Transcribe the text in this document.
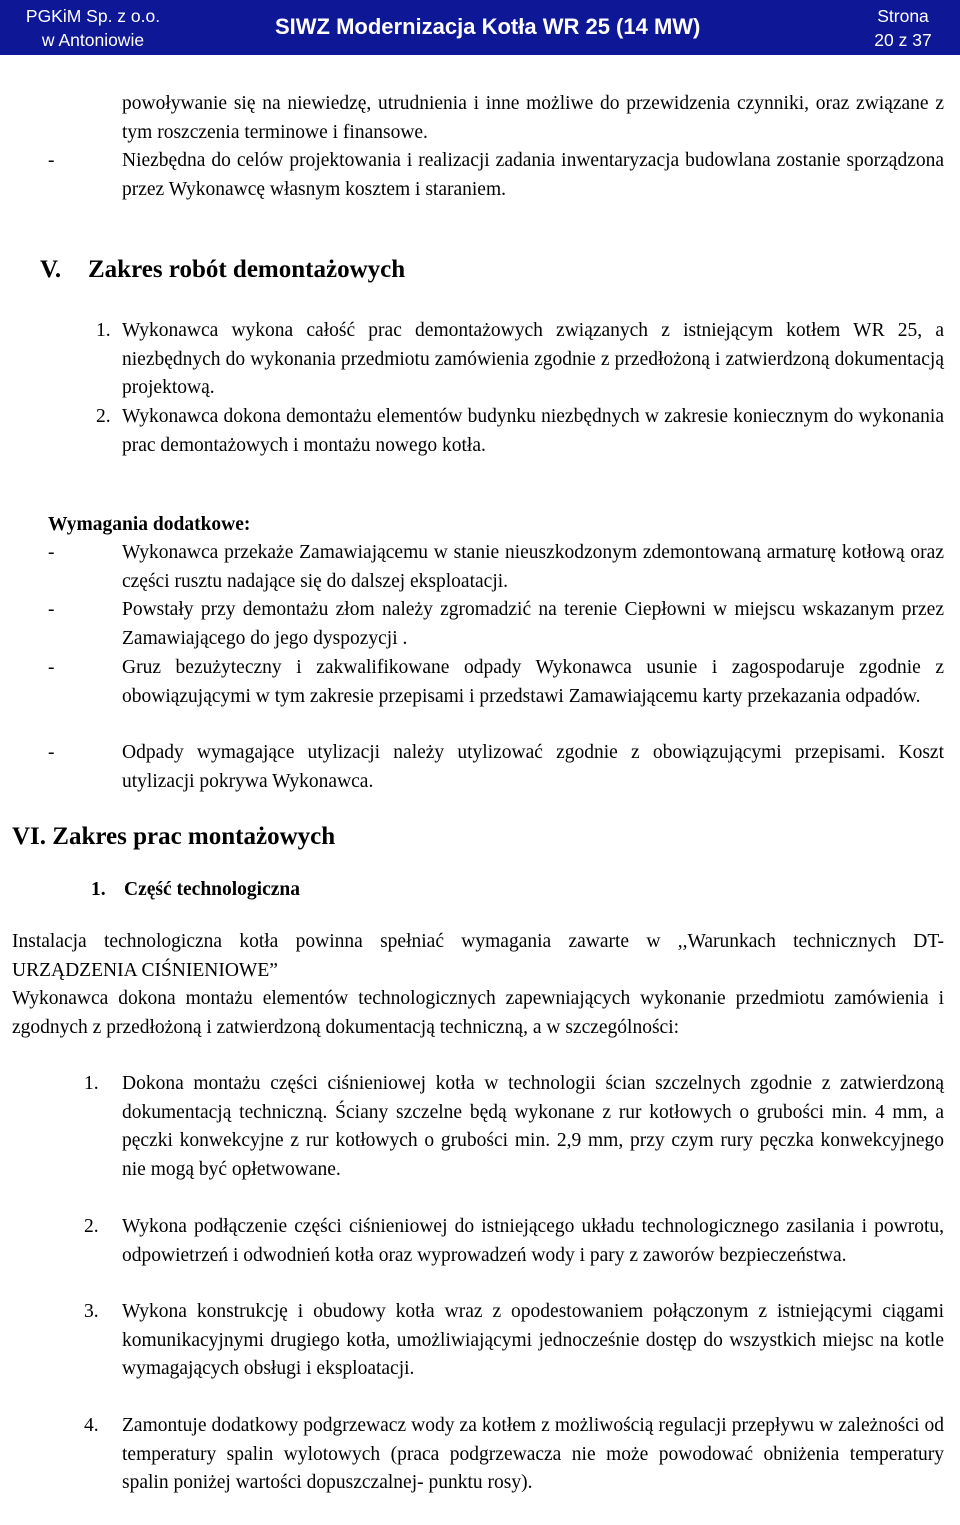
PGKiM Sp. z o.o.
w Antoniowie
SIWZ Modernizacja Kotła WR 25 (14 MW)	Strona
20 z 37
powoływanie się na niewiedzę, utrudnienia i inne możliwe do przewidzenia czynniki, oraz związane z tym roszczenia terminowe i finansowe.
-	Niezbędna do celów projektowania i realizacji zadania inwentaryzacja budowlana zostanie sporządzona przez Wykonawcę własnym kosztem i staraniem.
V. Zakres robót demontażowych
1. Wykonawca wykona całość prac demontażowych związanych z istniejącym kotłem WR 25, a niezbędnych do wykonania przedmiotu zamówienia zgodnie z przedłożoną i zatwierdzoną dokumentacją projektową.
2. Wykonawca dokona demontażu elementów budynku niezbędnych w zakresie koniecznym do wykonania prac demontażowych i montażu nowego kotła.
Wymagania dodatkowe:
-	Wykonawca przekaże Zamawiającemu w stanie nieuszkodzonym zdemontowaną armaturę kotłową oraz części rusztu nadające się do dalszej eksploatacji.
-	Powstały przy demontażu złom należy zgromadzić na terenie Ciepłowni w miejscu wskazanym przez Zamawiającego do jego dyspozycji .
-	Gruz bezużyteczny i zakwalifikowane odpady Wykonawca usunie i zagospodaruje zgodnie z obowiązującymi w tym zakresie przepisami i przedstawi Zamawiającemu karty przekazania odpadów.
-	Odpady wymagające utylizacji należy utylizować zgodnie z obowiązującymi przepisami. Koszt utylizacji pokrywa Wykonawca.
VI. Zakres prac montażowych
1. Część technologiczna
Instalacja technologiczna kotła powinna spełniać wymagania zawarte w ,,Warunkach technicznych DT- URZĄDZENIA CIŚNIENIOWE”
Wykonawca dokona montażu elementów technologicznych zapewniających wykonanie przedmiotu zamówienia i zgodnych z przedłożoną i zatwierdzoną dokumentacją techniczną, a w szczególności:
1. Dokona montażu części ciśnieniowej kotła w technologii ścian szczelnych zgodnie z zatwierdzoną dokumentacją techniczną. Ściany szczelne będą wykonane z rur kotłowych o grubości min. 4 mm, a pęczki konwekcyjne z rur kotłowych o grubości min. 2,9 mm, przy czym rury pęczka konwekcyjnego nie mogą być opłetwowane.
2. Wykona podłączenie części ciśnieniowej do istniejącego układu technologicznego zasilania i powrotu, odpowietrzeń i odwodnień kotła oraz wyprowadzeń wody i pary z zaworów bezpieczeństwa.
3. Wykona konstrukcję i obudowy kotła wraz z opodestowaniem połączonym z istniejącymi ciągami komunikacyjnymi drugiego kotła, umożliwiającymi jednocześnie dostęp do wszystkich miejsc na kotle wymagających obsługi i eksploatacji.
4. Zamontuje dodatkowy podgrzewacz wody za kotłem z możliwością regulacji przepływu w zależności od temperatury spalin wylotowych (praca podgrzewacza nie może powodować obniżenia temperatury spalin poniżej wartości dopuszczalnej- punktu rosy).
